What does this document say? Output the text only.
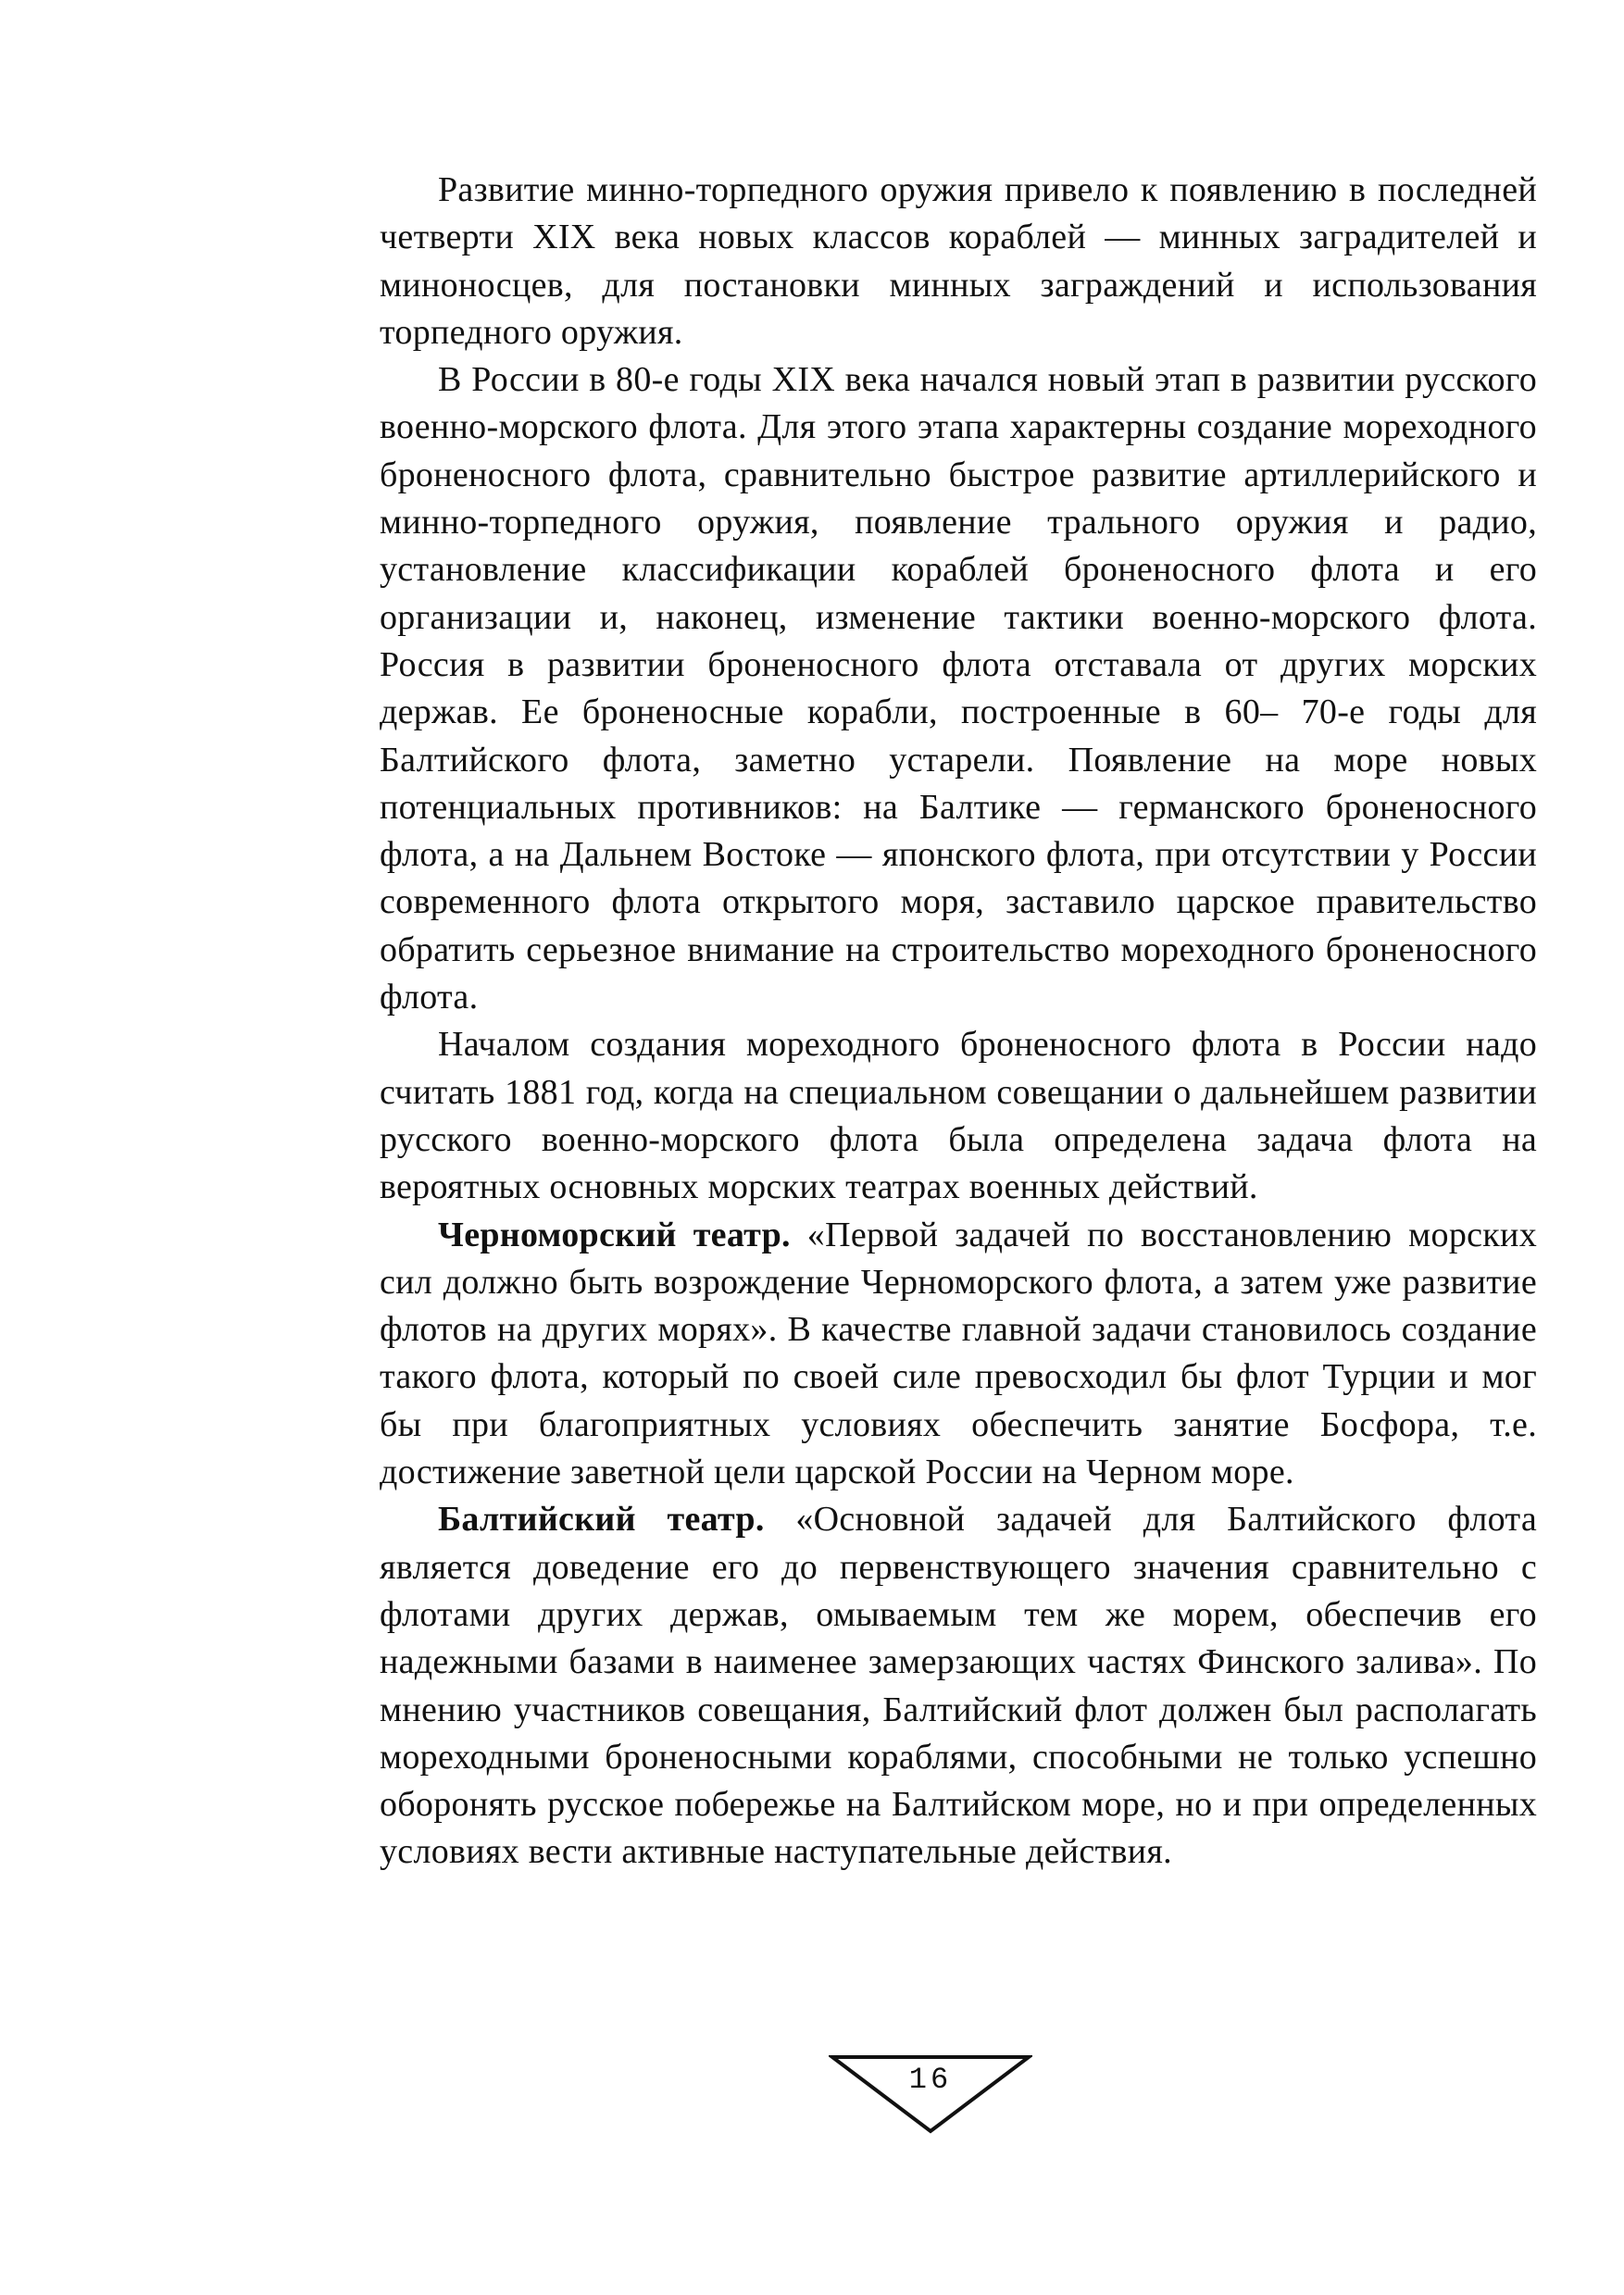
Развитие минно-торпедного оружия привело к появлению в последней четверти XIX века новых классов кораблей — минных заградителей и миноносцев, для постановки минных заграждений и использования торпедного оружия.

В России в 80-е годы XIX века начался новый этап в развитии русского военно-морского флота. Для этого этапа характерны создание мореходного броненосного флота, сравнительно быстрое развитие артиллерийского и минно-торпедного оружия, появление трального оружия и радио, установление классификации кораблей броненосного флота и его организации и, наконец, изменение тактики военно-морского флота. Россия в развитии броненосного флота отставала от других морских держав. Ее броненосные корабли, построенные в 60– 70-е годы для Балтийского флота, заметно устарели. Появление на море новых потенциальных противников: на Балтике — германского броненосного флота, а на Дальнем Востоке — японского флота, при отсутствии у России современного флота открытого моря, заставило царское правительство обратить серьезное внимание на строительство мореходного броненосного флота.

Началом создания мореходного броненосного флота в России надо считать 1881 год, когда на специальном совещании о дальнейшем развитии русского военно-морского флота была определена задача флота на вероятных основных морских театрах военных действий.

Черноморский театр. «Первой задачей по восстановлению морских сил должно быть возрождение Черноморского флота, а затем уже развитие флотов на других морях». В качестве главной задачи становилось создание такого флота, который по своей силе превосходил бы флот Турции и мог бы при благоприятных условиях обеспечить занятие Босфора, т.е. достижение заветной цели царской России на Черном море.

Балтийский театр. «Основной задачей для Балтийского флота является доведение его до первенствующего значения сравнительно с флотами других держав, омываемым тем же морем, обеспечив его надежными базами в наименее замерзающих частях Финского залива». По мнению участников совещания, Балтийский флот должен был располагать мореходными броненосными кораблями, способными не только успешно оборонять русское побережье на Балтийском море, но и при определенных условиях вести активные наступательные действия.

16
